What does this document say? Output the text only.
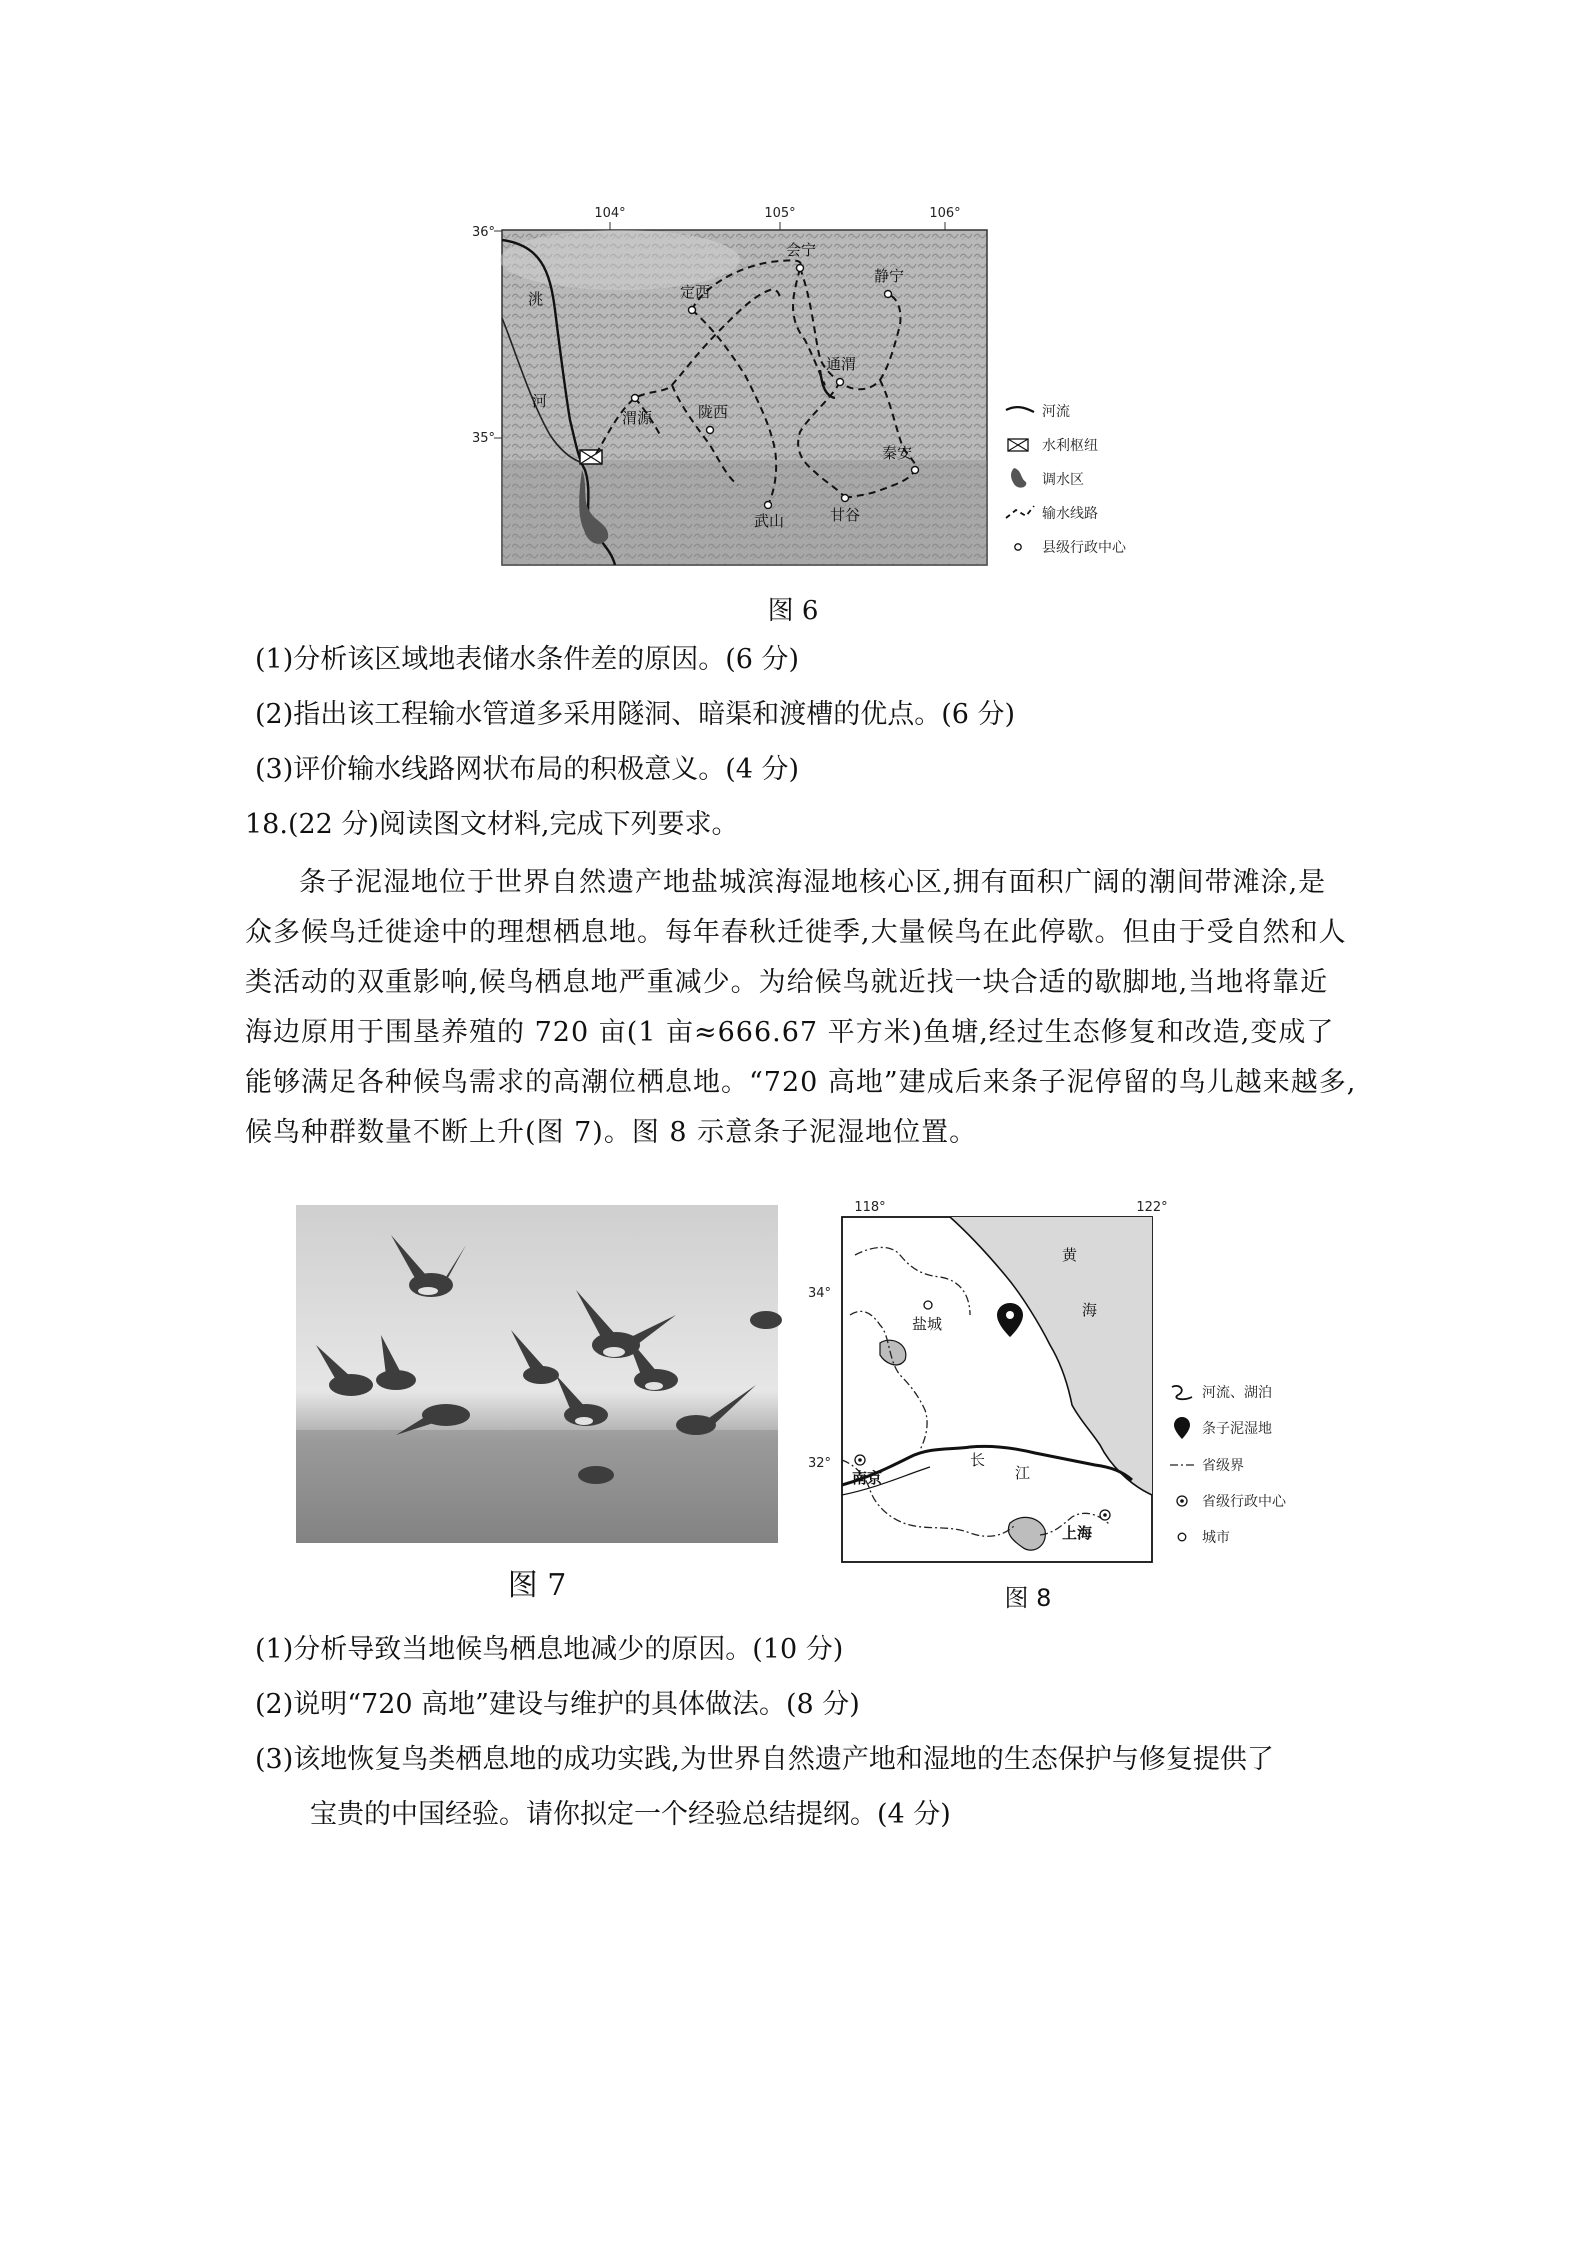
104°	105°	106°
36°
35°
洮
河
定西
会宁
静宁
通渭
渭源	陇西
秦安
武山	甘谷
河流
水利枢纽
调水区
输水线路
县级行政中心
图 6
(1)分析该区域地表储水条件差的原因。(6 分)
(2)指出该工程输水管道多采用隧洞、暗渠和渡槽的优点。(6 分)
(3)评价输水线路网状布局的积极意义。(4 分)
18.(22 分)阅读图文材料,完成下列要求。
条子泥湿地位于世界自然遗产地盐城滨海湿地核心区,拥有面积广阔的潮间带滩涂,是
众多候鸟迁徙途中的理想栖息地。每年春秋迁徙季,大量候鸟在此停歇。但由于受自然和人
类活动的双重影响,候鸟栖息地严重减少。为给候鸟就近找一块合适的歇脚地,当地将靠近
海边原用于围垦养殖的 720 亩(1 亩≈666.67 平方米)鱼塘,经过生态修复和改造,变成了
能够满足各种候鸟需求的高潮位栖息地。“720 高地”建成后来条子泥停留的鸟儿越来越多,
候鸟种群数量不断上升(图 7)。图 8 示意条子泥湿地位置。
图 7
118°	122°
34°
32°
盐城
南京
上海
黄
海
长
江
河流、湖泊
条子泥湿地
省级界
省级行政中心
城市
图 8
(1)分析导致当地候鸟栖息地减少的原因。(10 分)
(2)说明“720 高地”建设与维护的具体做法。(8 分)
(3)该地恢复鸟类栖息地的成功实践,为世界自然遗产地和湿地的生态保护与修复提供了
宝贵的中国经验。请你拟定一个经验总结提纲。(4 分)
